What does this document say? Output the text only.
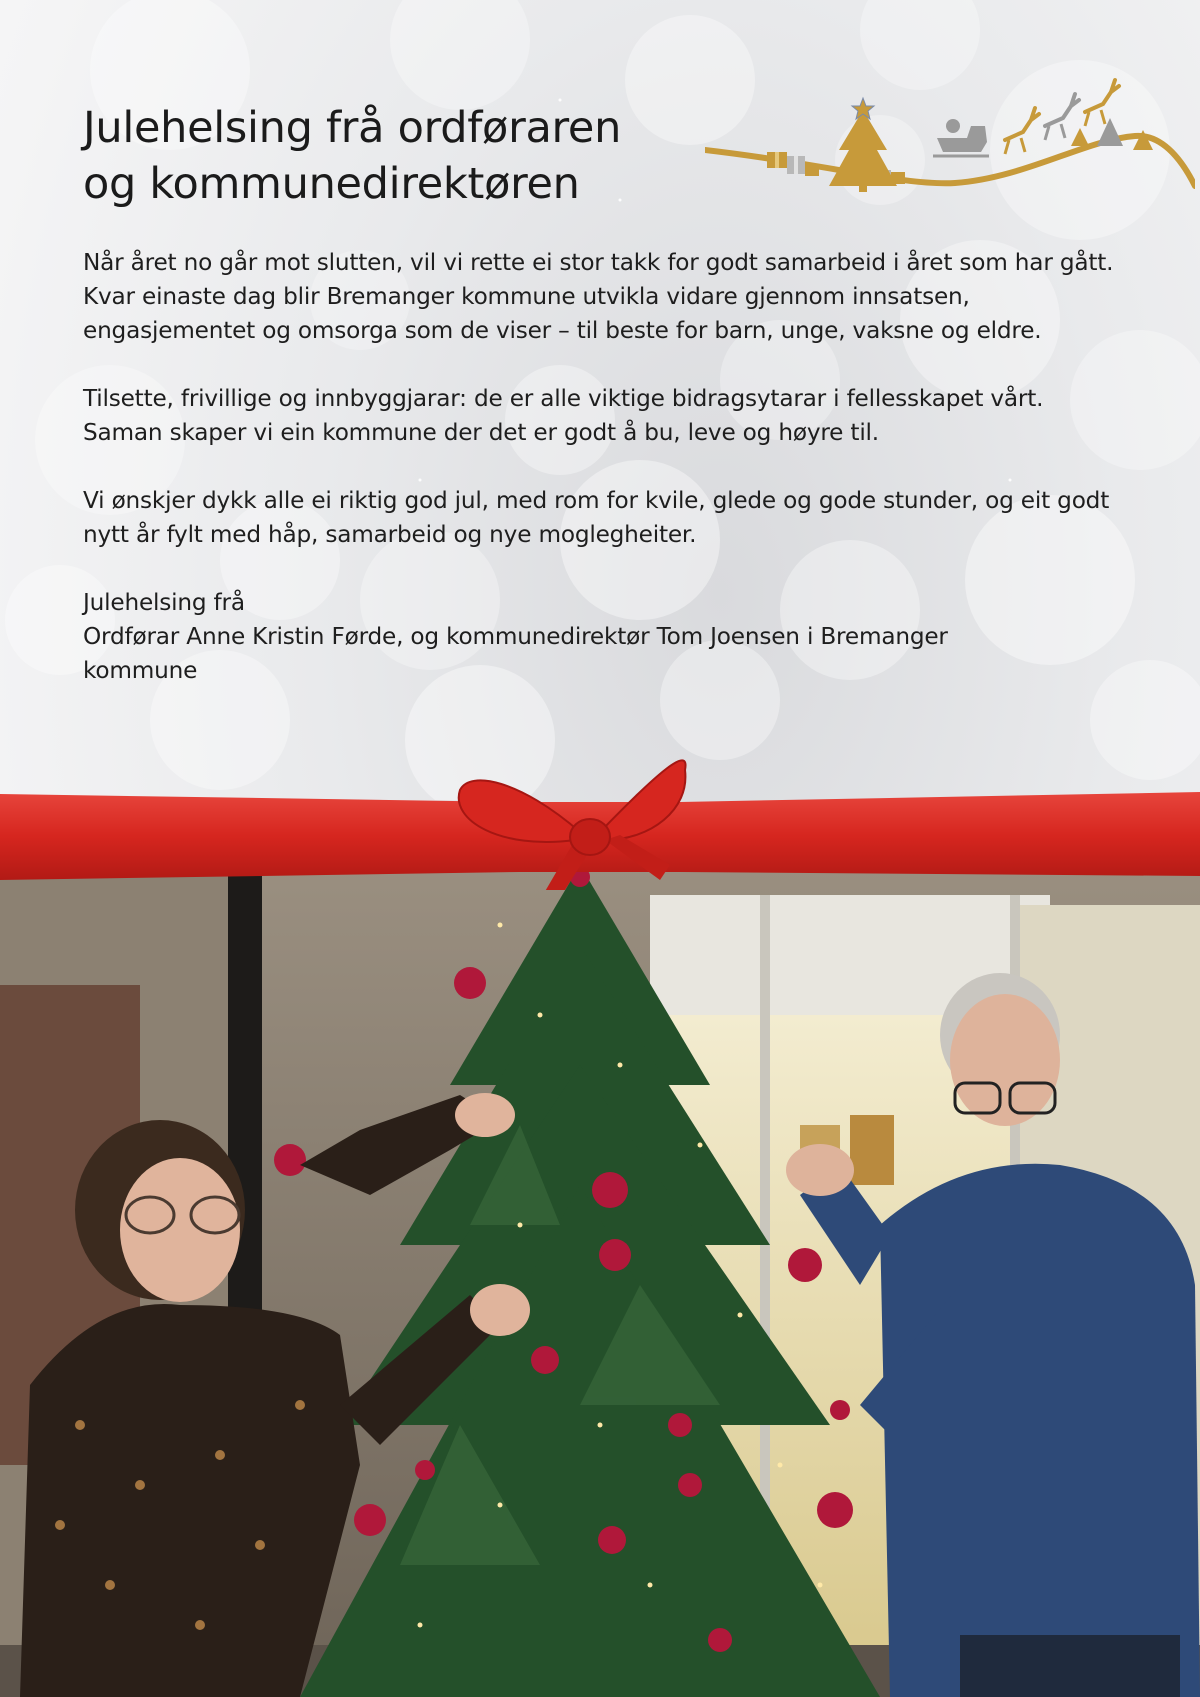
Julehelsing frå ordføraren
og kommunedirektøren

Når året no går mot slutten, vil vi rette ei stor takk for godt samarbeid i året som har gått. Kvar einaste dag blir Bremanger kommune utvikla vidare gjennom innsatsen, engasjementet og omsorga som de viser – til beste for barn, unge, vaksne og eldre.

Tilsette, frivillige og innbyggjarar: de er alle viktige bidragsytarar i fellesskapet vårt. Saman skaper vi ein kommune der det er godt å bu, leve og høyre til.

Vi ønskjer dykk alle ei riktig god jul, med rom for kvile, glede og gode stunder, og eit godt nytt år fylt med håp, samarbeid og nye moglegheiter.

Julehelsing frå
Ordførar Anne Kristin Førde, og kommunedirektør Tom Joensen i Bremanger
kommune
